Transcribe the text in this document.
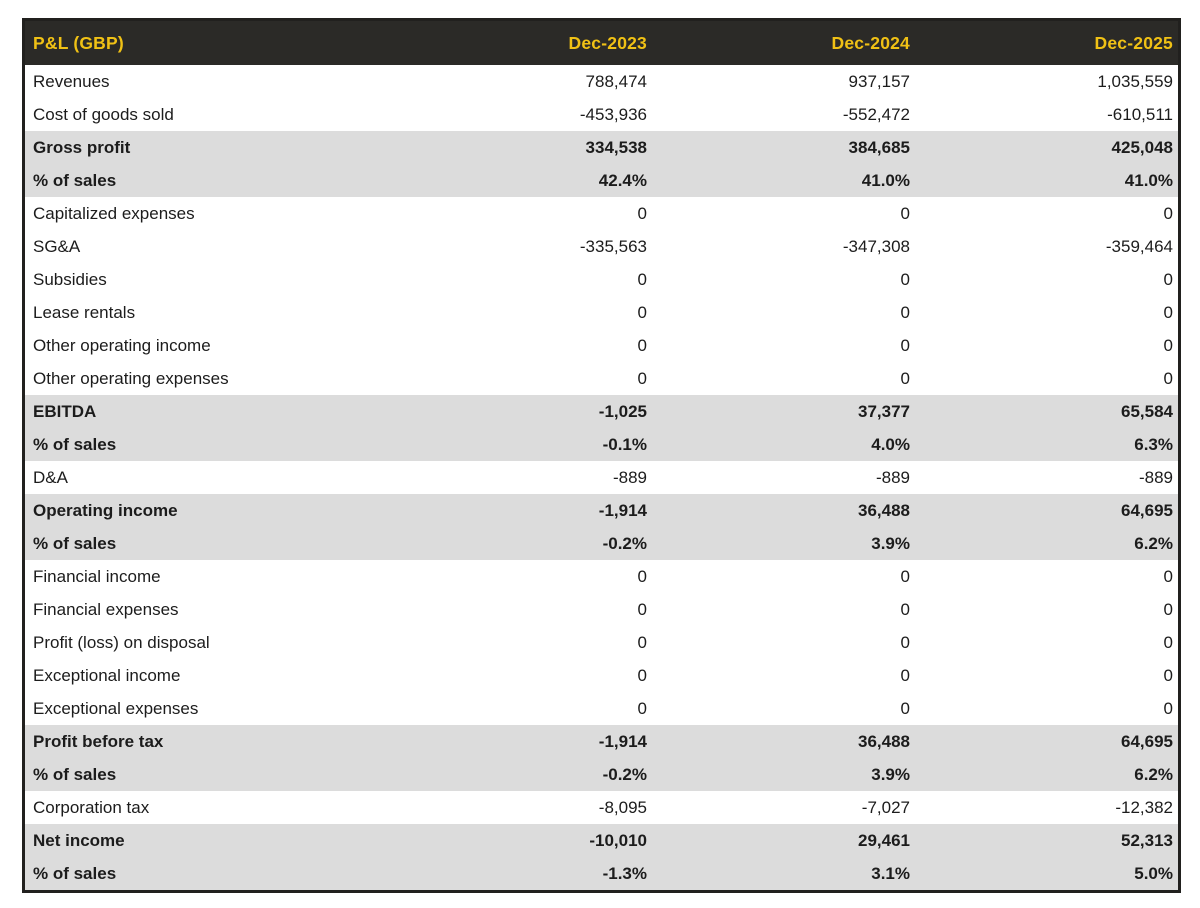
P&L (GBP)	Dec-2023	Dec-2024	Dec-2025
Revenues	788,474	937,157	1,035,559
Cost of goods sold	-453,936	-552,472	-610,511
Gross profit	334,538	384,685	425,048
% of sales	42.4%	41.0%	41.0%
Capitalized expenses	0	0	0
SG&A	-335,563	-347,308	-359,464
Subsidies	0	0	0
Lease rentals	0	0	0
Other operating income	0	0	0
Other operating expenses	0	0	0
EBITDA	-1,025	37,377	65,584
% of sales	-0.1%	4.0%	6.3%
D&A	-889	-889	-889
Operating income	-1,914	36,488	64,695
% of sales	-0.2%	3.9%	6.2%
Financial income	0	0	0
Financial expenses	0	0	0
Profit (loss) on disposal	0	0	0
Exceptional income	0	0	0
Exceptional expenses	0	0	0
Profit before tax	-1,914	36,488	64,695
% of sales	-0.2%	3.9%	6.2%
Corporation tax	-8,095	-7,027	-12,382
Net income	-10,010	29,461	52,313
% of sales	-1.3%	3.1%	5.0%
